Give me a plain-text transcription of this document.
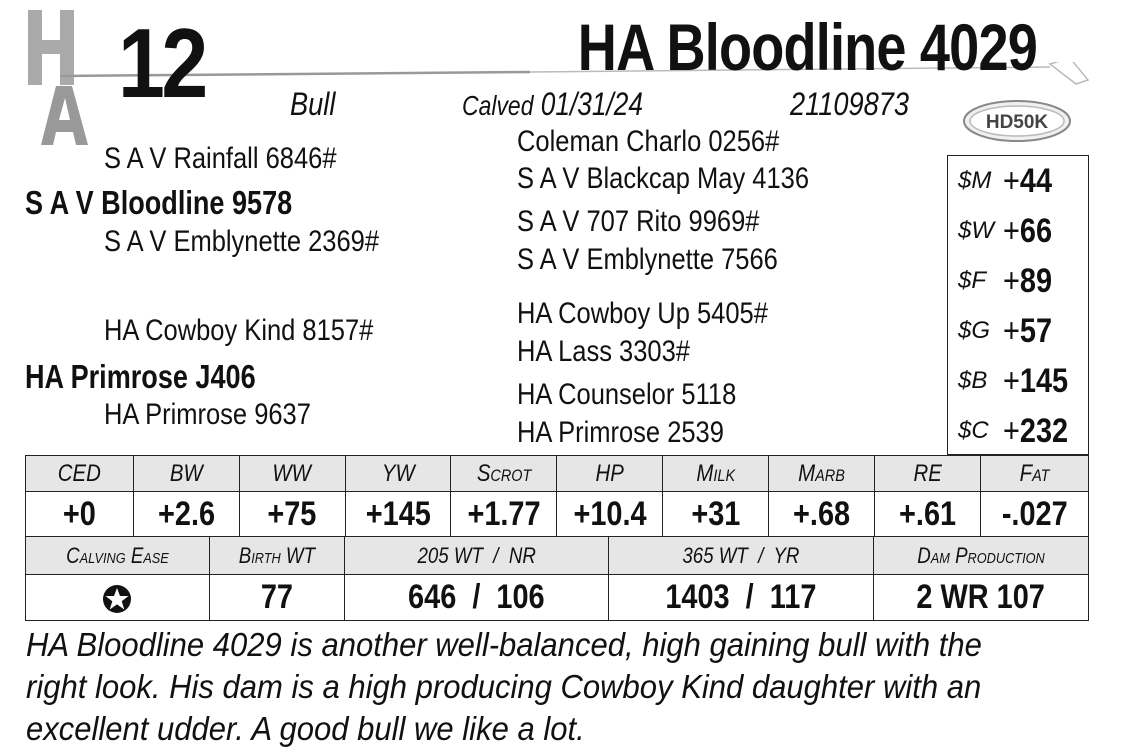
12	HA Bloodline 4029
Bull	Calved 01/31/24	21109873
HD50K
S A V Rainfall 6846#
S A V Bloodline 9578
S A V Emblynette 2369#
HA Cowboy Kind 8157#
HA Primrose J406
HA Primrose 9637
Coleman Charlo 0256#
S A V Blackcap May 4136
S A V 707 Rito 9969#
S A V Emblynette 7566
HA Cowboy Up 5405#
HA Lass 3303#
HA Counselor 5118
HA Primrose 2539
$M +44
$W +66
$F +89
$G +57
$B +145
$C +232
CED	BW	WW	YW	Scrot	HP	Milk	Marb	RE	Fat
+0	+2.6	+75	+145	+1.77	+10.4	+31	+.68	+.61	-.027
Calving Ease	Birth WT	205 WT  /  NR	365 WT  /  YR	Dam Production
	77	646  /  106	1403  /  117	2 WR 107
HA Bloodline 4029 is another well-balanced, high gaining bull with the right look. His dam is a high producing Cowboy Kind daughter with an excellent udder. A good bull we like a lot.
